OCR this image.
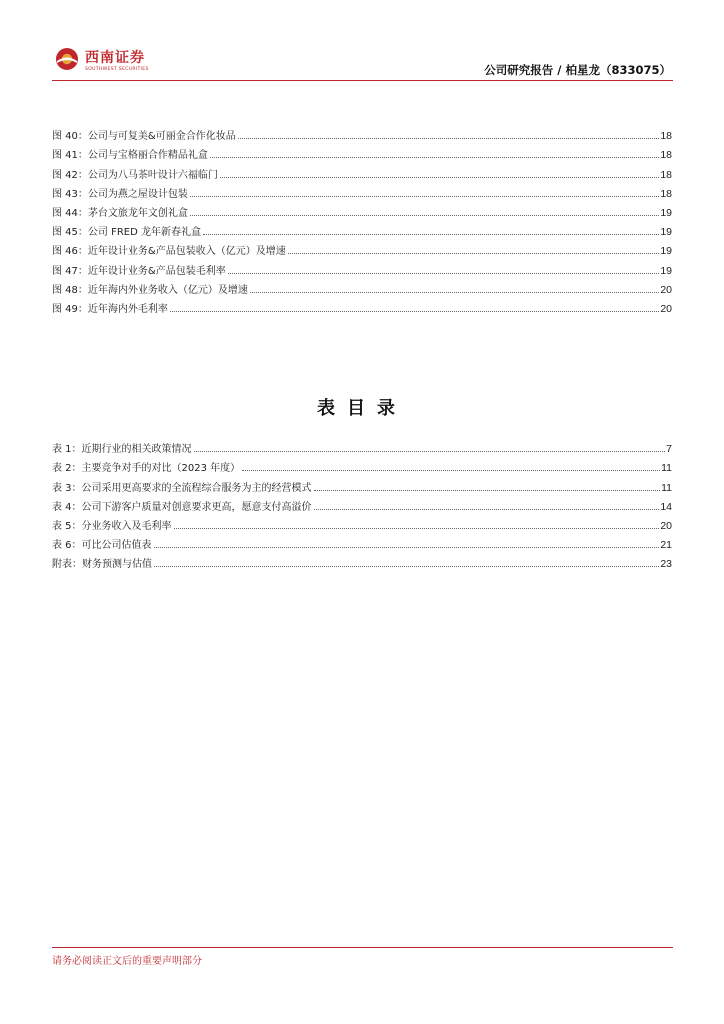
西南证券
SOUTHWEST SECURITIES	公司研究报告 / 柏星龙（833075）
图 40：公司与可复美&可丽金合作化妆品	18
图 41：公司与宝格丽合作精品礼盒	18
图 42：公司为八马茶叶设计六福临门	18
图 43：公司为燕之屋设计包装	18
图 44：茅台文旅龙年文创礼盒	19
图 45：公司 FRED 龙年新春礼盒	19
图 46：近年设计业务&产品包装收入（亿元）及增速	19
图 47：近年设计业务&产品包装毛利率	19
图 48：近年海内外业务收入（亿元）及增速	20
图 49：近年海内外毛利率	20
表目录
表 1：近期行业的相关政策情况	7
表 2：主要竞争对手的对比（2023 年度）	11
表 3：公司采用更高要求的全流程综合服务为主的经营模式	11
表 4：公司下游客户质量对创意要求更高，愿意支付高溢价	14
表 5：分业务收入及毛利率	20
表 6：可比公司估值表	21
附表：财务预测与估值	23
请务必阅读正文后的重要声明部分
